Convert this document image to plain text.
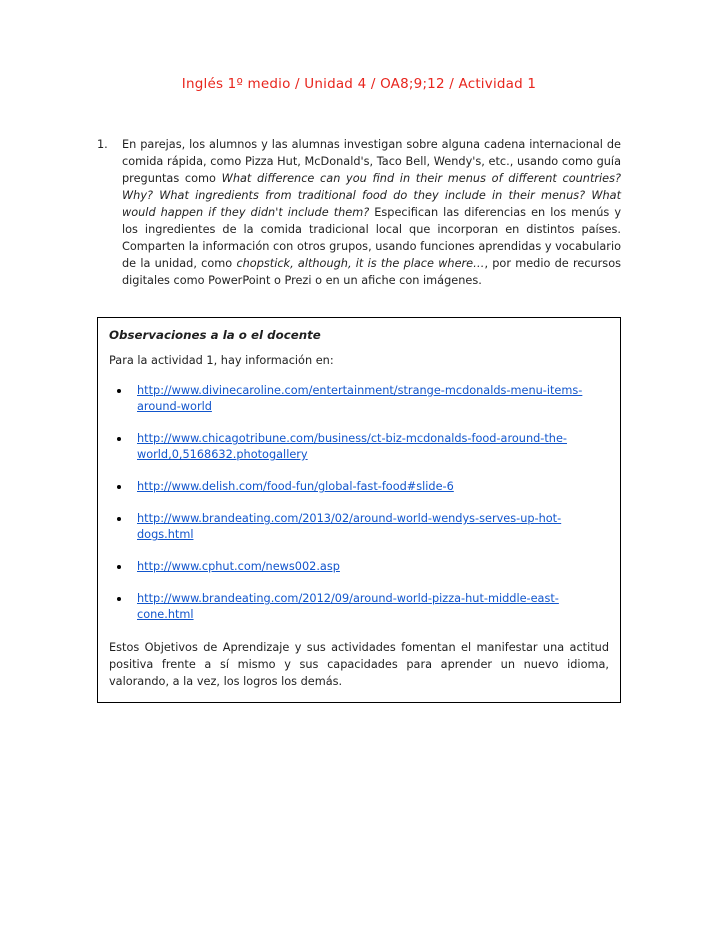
Inglés 1º medio / Unidad 4 / OA8;9;12 / Actividad 1
1.	En parejas, los alumnos y las alumnas investigan sobre alguna cadena internacional de comida rápida, como Pizza Hut, McDonald's, Taco Bell, Wendy's, etc., usando como guía preguntas como What difference can you find in their menus of different countries? Why? What ingredients from traditional food do they include in their menus? What would happen if they didn't include them? Especifican las diferencias en los menús y los ingredientes de la comida tradicional local que incorporan en distintos países. Comparten la información con otros grupos, usando funciones aprendidas y vocabulario de la unidad, como chopstick, although, it is the place where…, por medio de recursos digitales como PowerPoint o Prezi o en un afiche con imágenes.

Observaciones a la o el docente

Para la actividad 1, hay información en:

http://www.divinecaroline.com/entertainment/strange-mcdonalds-menu-items-around-world
http://www.chicagotribune.com/business/ct-biz-mcdonalds-food-around-the-world,0,5168632.photogallery
http://www.delish.com/food-fun/global-fast-food#slide-6
http://www.brandeating.com/2013/02/around-world-wendys-serves-up-hot-dogs.html
http://www.cphut.com/news002.asp
http://www.brandeating.com/2012/09/around-world-pizza-hut-middle-east-cone.html

Estos Objetivos de Aprendizaje y sus actividades fomentan el manifestar una actitud positiva frente a sí mismo y sus capacidades para aprender un nuevo idioma, valorando, a la vez, los logros los demás.
